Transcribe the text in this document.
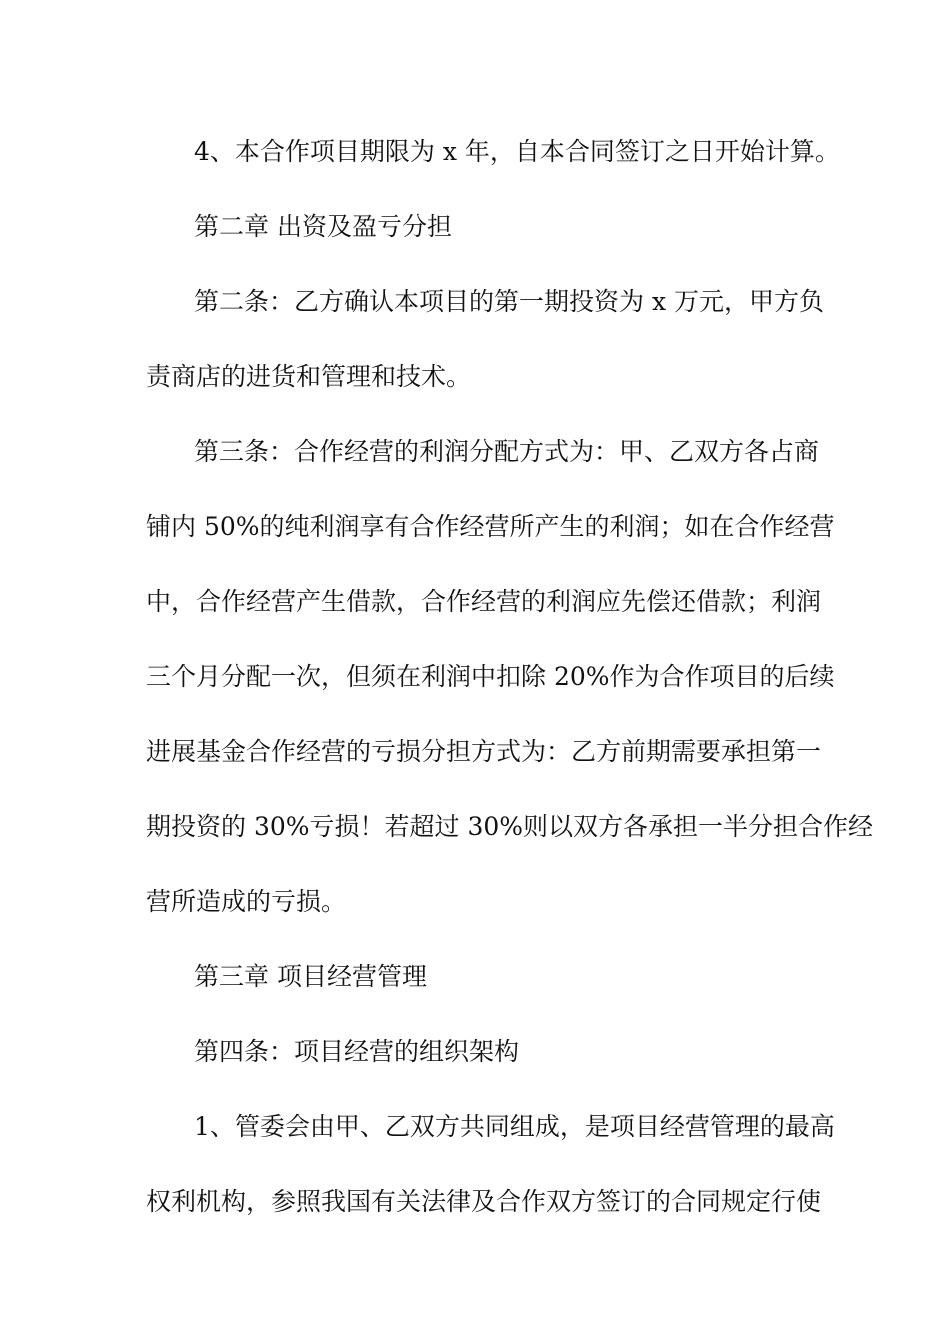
4、本合作项目期限为 x 年，自本合同签订之日开始计算。
第二章 出资及盈亏分担
第二条：乙方确认本项目的第一期投资为 x 万元，甲方负
责商店的进货和管理和技术。
第三条：合作经营的利润分配方式为：甲、乙双方各占商
铺内 50%的纯利润享有合作经营所产生的利润；如在合作经营
中，合作经营产生借款，合作经营的利润应先偿还借款；利润
三个月分配一次，但须在利润中扣除 20%作为合作项目的后续
进展基金合作经营的亏损分担方式为：乙方前期需要承担第一
期投资的 30%亏损！若超过 30%则以双方各承担一半分担合作经
营所造成的亏损。
第三章 项目经营管理
第四条：项目经营的组织架构
1、管委会由甲、乙双方共同组成，是项目经营管理的最高
权利机构，参照我国有关法律及合作双方签订的合同规定行使
